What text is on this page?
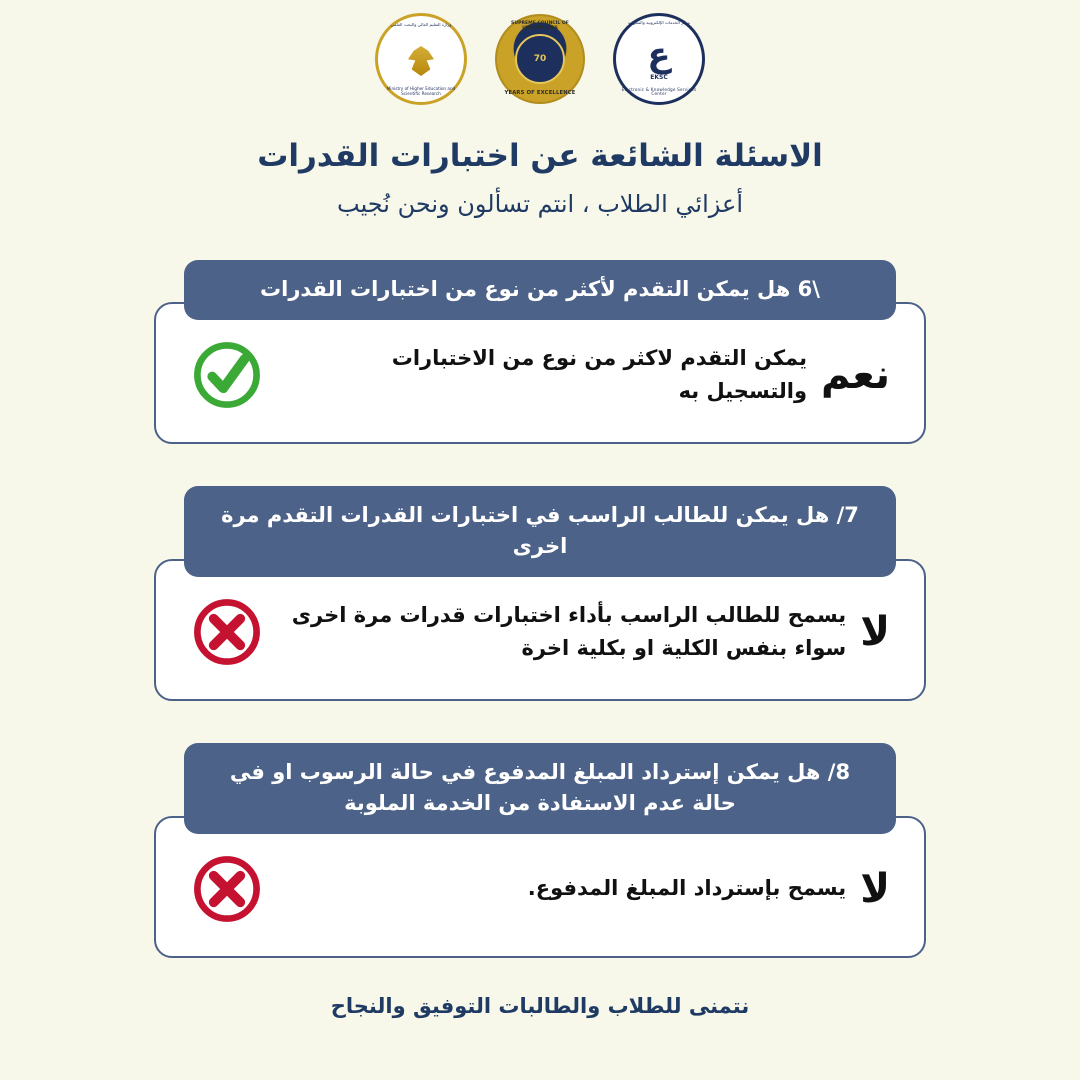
مركز الخدمات الإلكترونية والمعرفية
ع
EKSC
Electronic & Knowledge Services Center
SUPREME COUNCIL OF UNIVERSITIES
70
YEARS OF EXCELLENCE
وزارة التعليم العالي والبحث العلمي
Ministry of Higher Education and Scientific Research
الاسئلة الشائعة عن اختبارات القدرات
أعزائي الطلاب ، انتم تسألون ونحن نُجيب
\6 هل يمكن التقدم لأكثر من نوع من اختبارات القدرات
نعم
يمكن التقدم لاكثر من نوع من الاختبارات والتسجيل به
7/ هل يمكن للطالب الراسب في اختبارات القدرات التقدم مرة اخرى
لا
يسمح للطالب الراسب بأداء اختبارات قدرات مرة اخرى سواء بنفس الكلية او بكلية اخرة
8/ هل يمكن إسترداد المبلغ المدفوع في حالة الرسوب او في حالة عدم الاستفادة من الخدمة الملوبة
لا
يسمح بإسترداد المبلغ المدفوع.
نتمنى للطلاب والطالبات التوفيق والنجاح
